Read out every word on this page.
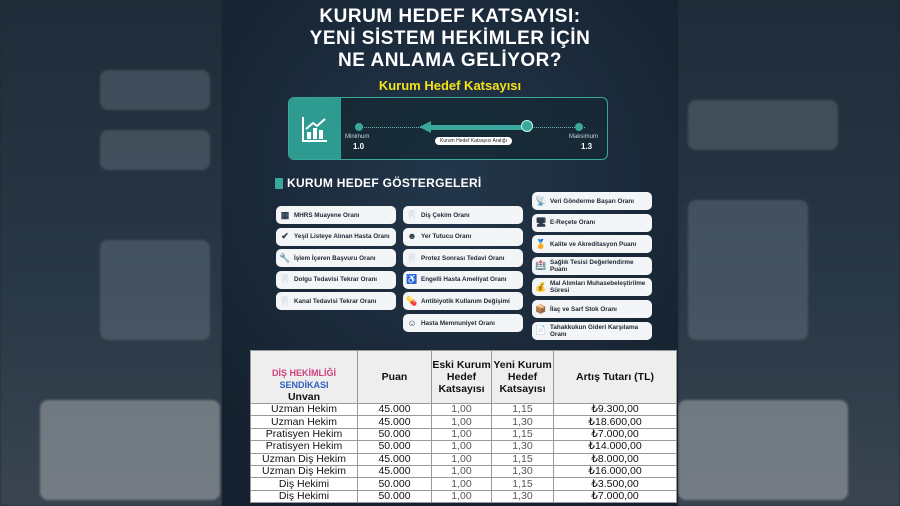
KURUM HEDEF KATSAYISI:
YENİ SİSTEM HEKİMLER İÇİN
NE ANLAMA GELİYOR?
Kurum Hedef Katsayısı
Minimum
1.0
Maksimum
1.3
Kurum Hedef Katsayısı Aralığı
KURUM HEDEF GÖSTERGELERİ
▦ MHRS Muayene Oranı
✔ Yeşil Listeye Alınan Hasta Oranı
🔧 İşlem İçeren Başvuru Oranı
🦷 Dolgu Tedavisi Tekrar Oranı
🦷 Kanal Tedavisi Tekrar Oranı
🦷 Diş Çekim Oranı
☻ Yer Tutucu Oranı
🦷 Protez Sonrası Tedavi Oranı
♿ Engelli Hasta Ameliyat Oranı
💊 Antibiyotik Kullanım Değişimi
☺ Hasta Memnuniyet Oranı
📡 Veri Gönderme Başarı Oranı
🖥 E-Reçete Oranı
🏅 Kalite ve Akreditasyon Puanı
🏥 Sağlık Tesisi Değerlendirme Puanı
💰 Mal Alımları Muhasebeleştirilme Süresi
📦 İlaç ve Sarf Stok Oranı
📄 Tahakkukun Gideri Karşılama Oranı
DİŞ HEKİMLİĞİ
SENDİKASI
Unvan	Puan	Eski Kurum Hedef Katsayısı	Yeni Kurum Hedef Katsayısı	Artış Tutarı (TL)
Uzman Hekim	45.000	1,00	1,15	₺9.300,00
Uzman Hekim	45.000	1,00	1,30	₺18.600,00
Pratisyen Hekim	50.000	1,00	1,15	₺7.000,00
Pratisyen Hekim	50.000	1,00	1,30	₺14.000,00
Uzman Diş Hekim	45.000	1,00	1,15	₺8.000,00
Uzman Diş Hekim	45.000	1,00	1,30	₺16.000,00
Diş Hekimi	50.000	1,00	1,15	₺3.500,00
Diş Hekimi	50.000	1,00	1,30	₺7.000,00
